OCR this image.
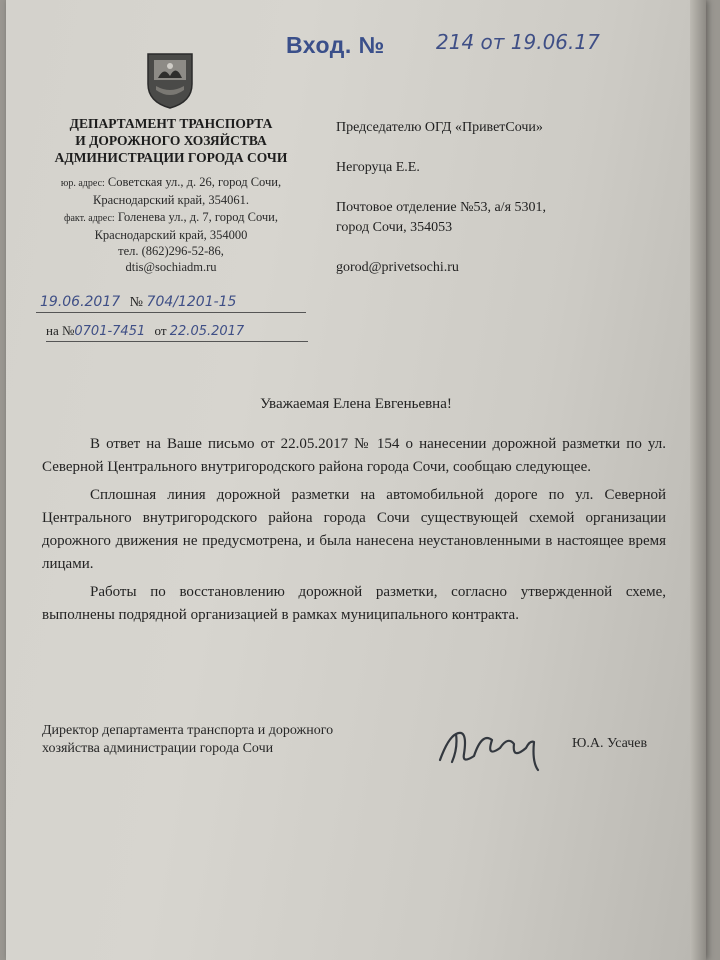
Вход. №	214 от 19.06.17
ДЕПАРТАМЕНТ ТРАНСПОРТА
И ДОРОЖНОГО ХОЗЯЙСТВА
АДМИНИСТРАЦИИ ГОРОДА СОЧИ
юр. адрес: Советская ул., д. 26, город Сочи,
Краснодарский край, 354061.
факт. адрес: Голенева ул., д. 7, город Сочи,
Краснодарский край, 354000
тел. (862)296-52-86,
dtis@sochiadm.ru
19.06.2017 № 704/1201-15
на №0701-7451 от 22.05.2017
Председателю ОГД «ПриветСочи»
Негоруца Е.Е.
Почтовое отделение №53, а/я 5301,
город Сочи, 354053
gorod@privetsochi.ru
Уважаемая Елена Евгеньевна!

В ответ на Ваше письмо от 22.05.2017 № 154 о нанесении дорожной разметки по ул. Северной Центрального внутригородского района города Сочи, сообщаю следующее.

Сплошная линия дорожной разметки на автомобильной дороге по ул. Северной Центрального внутригородского района города Сочи существующей схемой организации дорожного движения не предусмотрена, и была нанесена неустановленными в настоящее время лицами.

Работы по восстановлению дорожной разметки, согласно утвержденной схеме, выполнены подрядной организацией в рамках муниципального контракта.

Директор департамента транспорта и дорожного
хозяйства администрации города Сочи	Ю.А. Усачев
